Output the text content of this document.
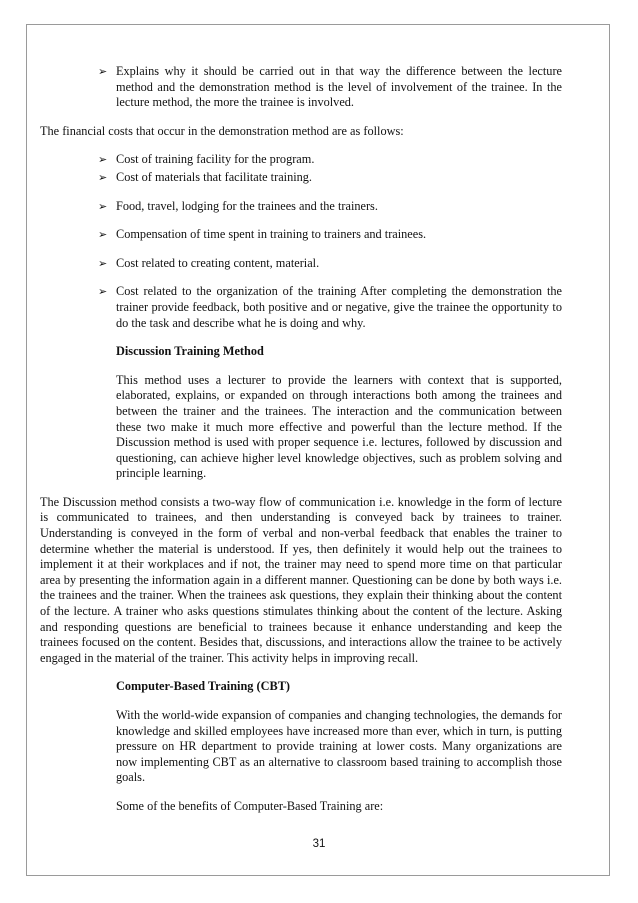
➢ Explains why it should be carried out in that way the difference between the lecture method and the demonstration method is the level of involvement of the trainee. In the lecture method, the more the trainee is involved.

The financial costs that occur in the demonstration method are as follows:

➢ Cost of training facility for the program.

➢ Cost of materials that facilitate training.

➢ Food, travel, lodging for the trainees and the trainers.

➢ Compensation of time spent in training to trainers and trainees.

➢ Cost related to creating content, material.

➢ Cost related to the organization of the training After completing the demonstration the trainer provide feedback, both positive and or negative, give the trainee the opportunity to do the task and describe what he is doing and why.

Discussion Training Method

This method uses a lecturer to provide the learners with context that is supported, elaborated, explains, or expanded on through interactions both among the trainees and between the trainer and the trainees. The interaction and the communication between these two make it much more effective and powerful than the lecture method. If the Discussion method is used with proper sequence i.e. lectures, followed by discussion and questioning, can achieve higher level knowledge objectives, such as problem solving and principle learning.

The Discussion method consists a two-way flow of communication i.e. knowledge in the form of lecture is communicated to trainees, and then understanding is conveyed back by trainees to trainer. Understanding is conveyed in the form of verbal and non-verbal feedback that enables the trainer to determine whether the material is understood. If yes, then definitely it would help out the trainees to implement it at their workplaces and if not, the trainer may need to spend more time on that particular area by presenting the information again in a different manner. Questioning can be done by both ways i.e. the trainees and the trainer. When the trainees ask questions, they explain their thinking about the content of the lecture. A trainer who asks questions stimulates thinking about the content of the lecture. Asking and responding questions are beneficial to trainees because it enhance understanding and keep the trainees focused on the content. Besides that, discussions, and interactions allow the trainee to be actively engaged in the material of the trainer. This activity helps in improving recall.

Computer-Based Training (CBT)

With the world-wide expansion of companies and changing technologies, the demands for knowledge and skilled employees have increased more than ever, which in turn, is putting pressure on HR department to provide training at lower costs. Many organizations are now implementing CBT as an alternative to classroom based training to accomplish those goals.

Some of the benefits of Computer-Based Training are:

31
